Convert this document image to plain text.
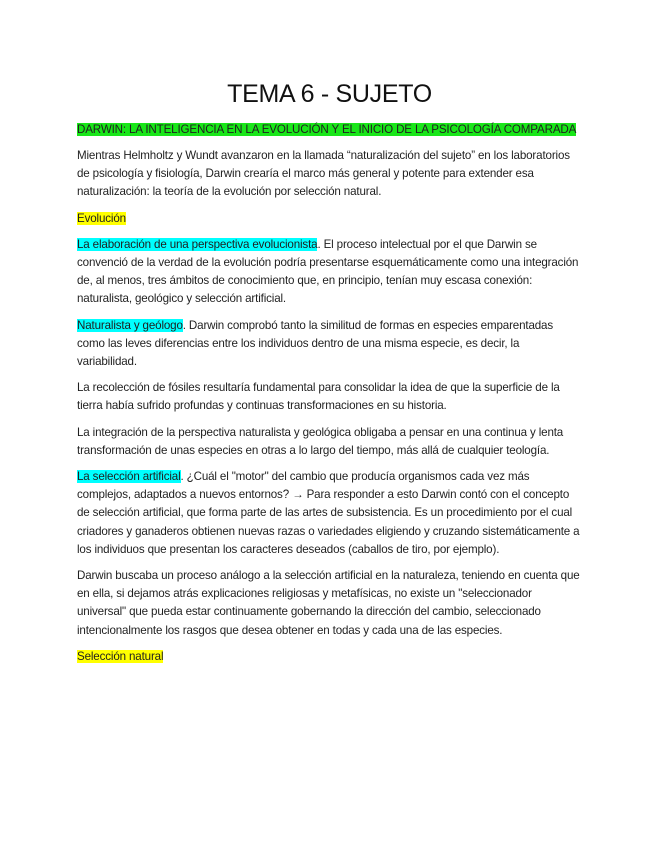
TEMA 6 - SUJETO

DARWIN: LA INTELIGENCIA EN LA EVOLUCIÓN Y EL INICIO DE LA PSICOLOGÍA COMPARADA

Mientras Helmholtz y Wundt avanzaron en la llamada “naturalización del sujeto” en los laboratorios de psicología y fisiología, Darwin crearía el marco más general y potente para extender esa naturalización: la teoría de la evolución por selección natural.

Evolución

La elaboración de una perspectiva evolucionista. El proceso intelectual por el que Darwin se convenció de la verdad de la evolución podría presentarse esquemáticamente como una integración de, al menos, tres ámbitos de conocimiento que, en principio, tenían muy escasa conexión: naturalista, geológico y selección artificial.

Naturalista y geólogo. Darwin comprobó tanto la similitud de formas en especies emparentadas como las leves diferencias entre los individuos dentro de una misma especie, es decir, la variabilidad.

La recolección de fósiles resultaría fundamental para consolidar la idea de que la superficie de la tierra había sufrido profundas y continuas transformaciones en su historia.

La integración de la perspectiva naturalista y geológica obligaba a pensar en una continua y lenta transformación de unas especies en otras a lo largo del tiempo, más allá de cualquier teología.

La selección artificial. ¿Cuál el "motor" del cambio que producía organismos cada vez más complejos, adaptados a nuevos entornos? → Para responder a esto Darwin contó con el concepto de selección artificial, que forma parte de las artes de subsistencia. Es un procedimiento por el cual criadores y ganaderos obtienen nuevas razas o variedades eligiendo y cruzando sistemáticamente a los individuos que presentan los caracteres deseados (caballos de tiro, por ejemplo).

Darwin buscaba un proceso análogo a la selección artificial en la naturaleza, teniendo en cuenta que en ella, si dejamos atrás explicaciones religiosas y metafísicas, no existe un "seleccionador universal" que pueda estar continuamente gobernando la dirección del cambio, seleccionado intencionalmente los rasgos que desea obtener en todas y cada una de las especies.

Selección natural
